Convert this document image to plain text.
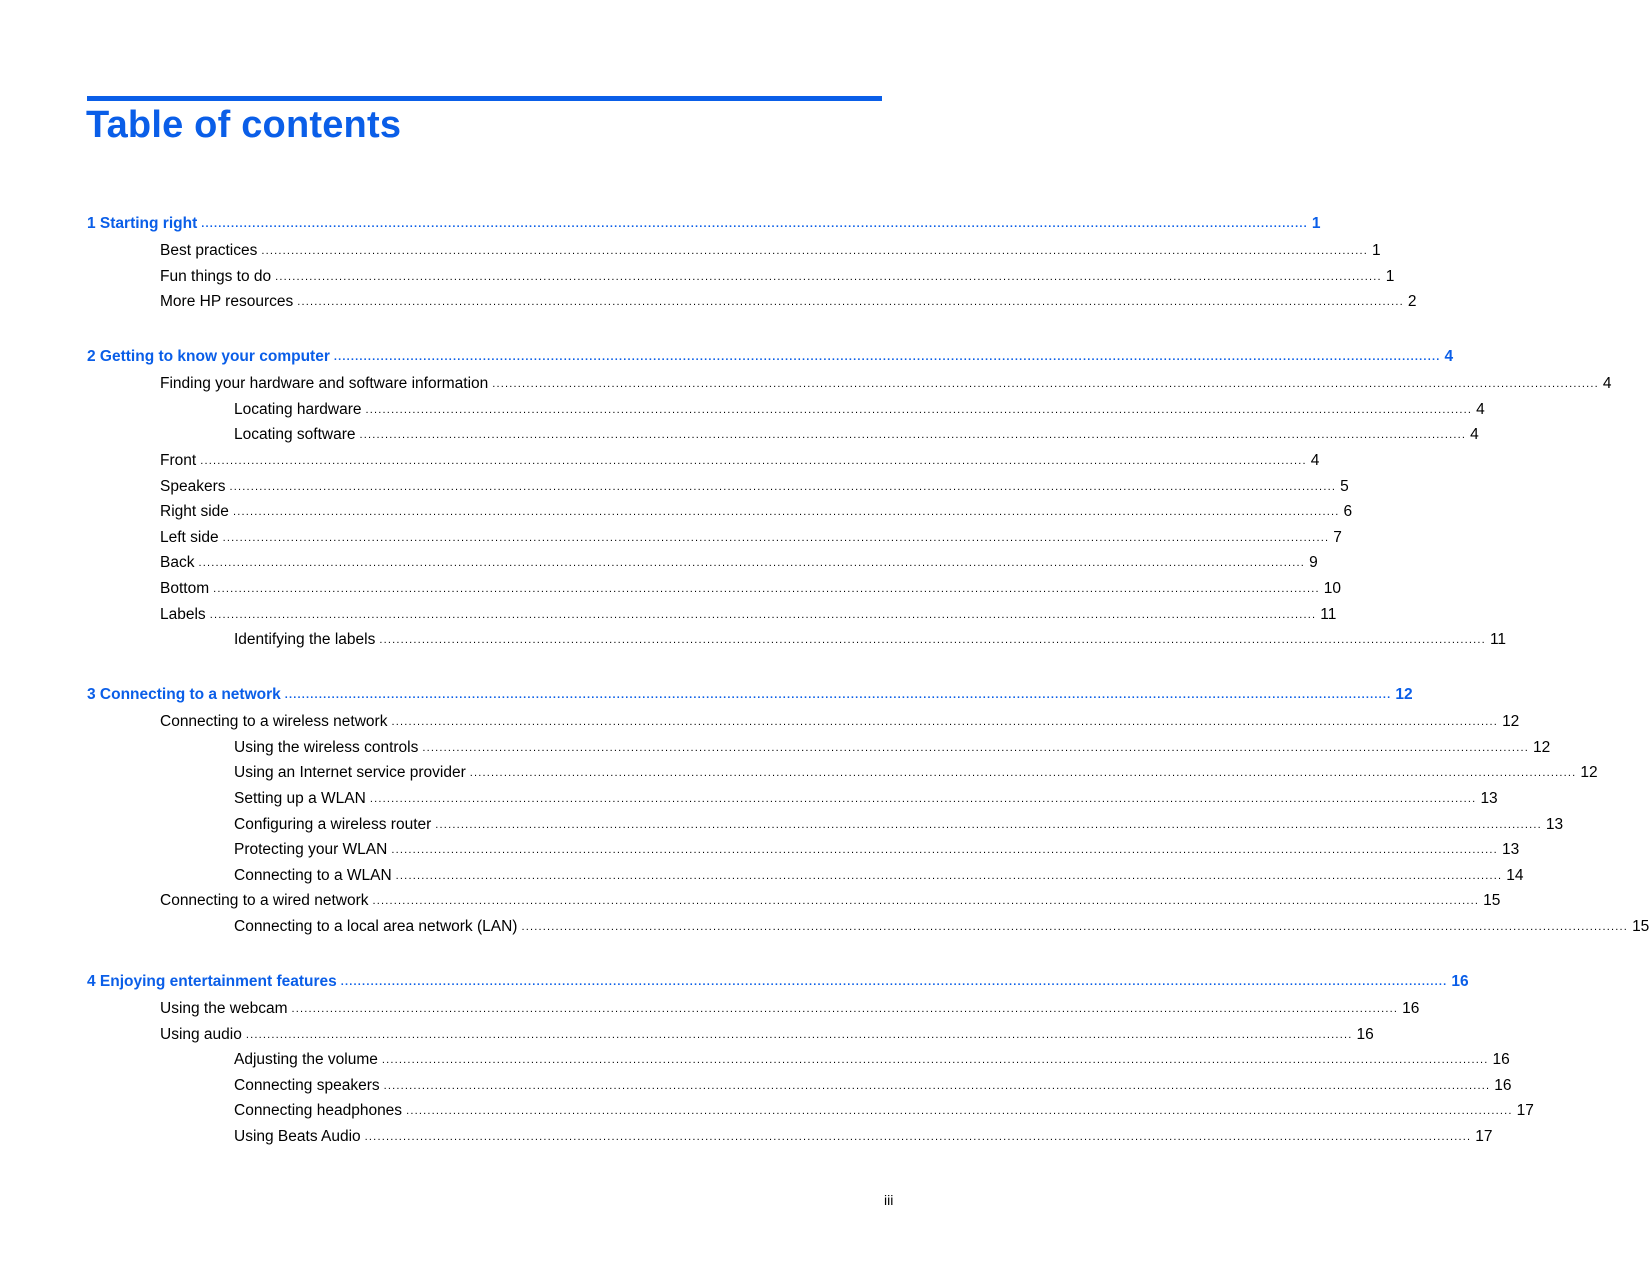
Table of contents
1 Starting right .................................................................................................................................................................................................................................................................... 1
Best practices .................................................................................................................................................................................................................................................................... 1
Fun things to do .................................................................................................................................................................................................................................................................... 1
More HP resources .................................................................................................................................................................................................................................................................... 2
2 Getting to know your computer .................................................................................................................................................................................................................................................................... 4
Finding your hardware and software information .................................................................................................................................................................................................................................................................... 4
Locating hardware .................................................................................................................................................................................................................................................................... 4
Locating software .................................................................................................................................................................................................................................................................... 4
Front .................................................................................................................................................................................................................................................................... 4
Speakers .................................................................................................................................................................................................................................................................... 5
Right side .................................................................................................................................................................................................................................................................... 6
Left side .................................................................................................................................................................................................................................................................... 7
Back .................................................................................................................................................................................................................................................................... 9
Bottom .................................................................................................................................................................................................................................................................... 10
Labels .................................................................................................................................................................................................................................................................... 11
Identifying the labels .................................................................................................................................................................................................................................................................... 11
3 Connecting to a network .................................................................................................................................................................................................................................................................... 12
Connecting to a wireless network .................................................................................................................................................................................................................................................................... 12
Using the wireless controls .................................................................................................................................................................................................................................................................... 12
Using an Internet service provider .................................................................................................................................................................................................................................................................... 12
Setting up a WLAN .................................................................................................................................................................................................................................................................... 13
Configuring a wireless router .................................................................................................................................................................................................................................................................... 13
Protecting your WLAN .................................................................................................................................................................................................................................................................... 13
Connecting to a WLAN .................................................................................................................................................................................................................................................................... 14
Connecting to a wired network .................................................................................................................................................................................................................................................................... 15
Connecting to a local area network (LAN) .................................................................................................................................................................................................................................................................... 15
4 Enjoying entertainment features .................................................................................................................................................................................................................................................................... 16
Using the webcam .................................................................................................................................................................................................................................................................... 16
Using audio .................................................................................................................................................................................................................................................................... 16
Adjusting the volume .................................................................................................................................................................................................................................................................... 16
Connecting speakers .................................................................................................................................................................................................................................................................... 16
Connecting headphones .................................................................................................................................................................................................................................................................... 17
Using Beats Audio .................................................................................................................................................................................................................................................................... 17
iii
